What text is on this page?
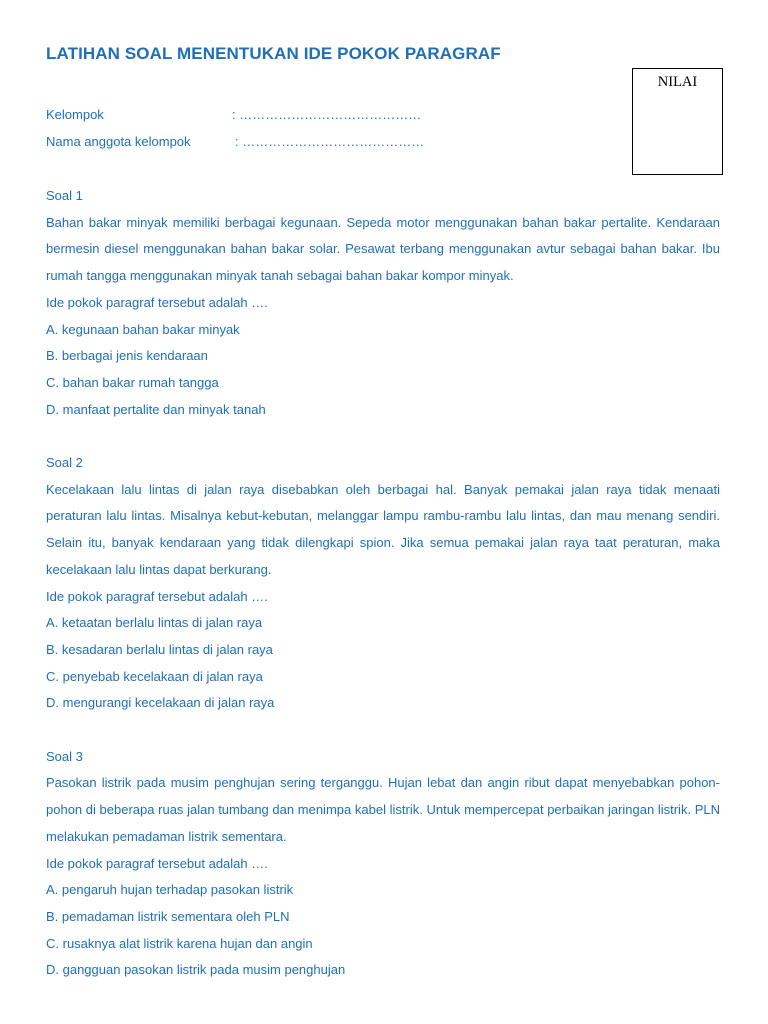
LATIHAN SOAL MENENTUKAN IDE POKOK PARAGRAF
NILAI
Kelompok	: ……………………………………
Nama anggota kelompok	: ……………………………………
Soal 1

Bahan bakar minyak memiliki berbagai kegunaan. Sepeda motor menggunakan bahan bakar pertalite. Kendaraan bermesin diesel menggunakan bahan bakar solar. Pesawat terbang menggunakan avtur sebagai bahan bakar. Ibu rumah tangga menggunakan minyak tanah sebagai bahan bakar kompor minyak.

Ide pokok paragraf tersebut adalah ….
A. kegunaan bahan bakar minyak
B. berbagai jenis kendaraan
C. bahan bakar rumah tangga
D. manfaat pertalite dan minyak tanah
Soal 2

Kecelakaan lalu lintas di jalan raya disebabkan oleh berbagai hal. Banyak pemakai jalan raya tidak menaati peraturan lalu lintas. Misalnya kebut-kebutan, melanggar lampu rambu-rambu lalu lintas, dan mau menang sendiri. Selain itu, banyak kendaraan yang tidak dilengkapi spion. Jika semua pemakai jalan raya taat peraturan, maka kecelakaan lalu lintas dapat berkurang.

Ide pokok paragraf tersebut adalah ….
A. ketaatan berlalu lintas di jalan raya
B. kesadaran berlalu lintas di jalan raya
C. penyebab kecelakaan di jalan raya
D. mengurangi kecelakaan di jalan raya
Soal 3

Pasokan listrik pada musim penghujan sering terganggu. Hujan lebat dan angin ribut dapat menyebabkan pohon-pohon di beberapa ruas jalan tumbang dan menimpa kabel listrik. Untuk mempercepat perbaikan jaringan listrik. PLN melakukan pemadaman listrik sementara.

Ide pokok paragraf tersebut adalah ….
A. pengaruh hujan terhadap pasokan listrik
B. pemadaman listrik sementara oleh PLN
C. rusaknya alat listrik karena hujan dan angin
D. gangguan pasokan listrik pada musim penghujan
